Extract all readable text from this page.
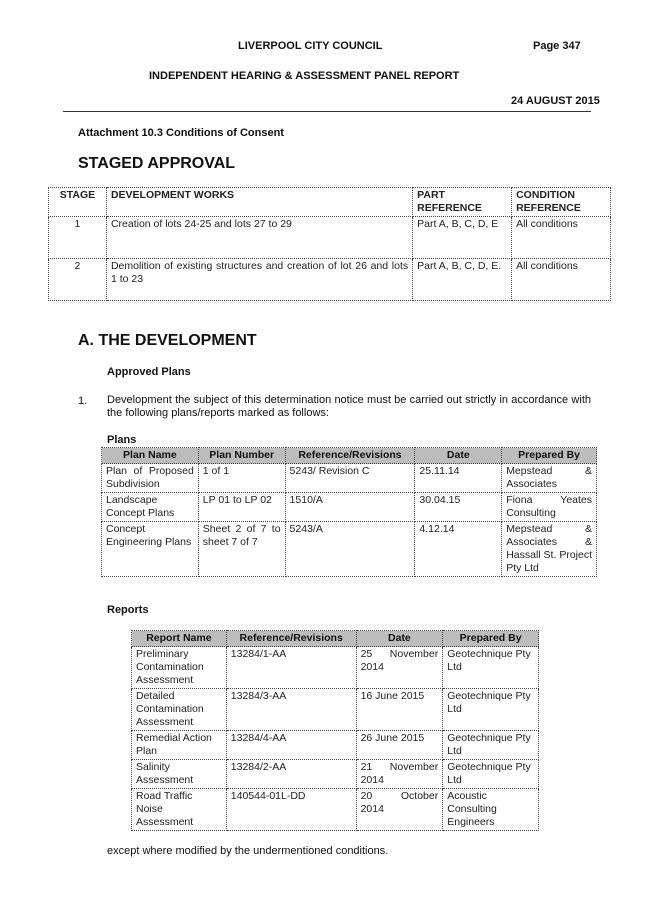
LIVERPOOL CITY COUNCIL	Page 347
INDEPENDENT HEARING & ASSESSMENT PANEL REPORT
24 AUGUST 2015
Attachment 10.3 Conditions of Consent
STAGED APPROVAL
STAGE	DEVELOPMENT WORKS	PART REFERENCE	CONDITION REFERENCE
1	Creation of lots 24-25 and lots 27 to 29	Part A, B, C, D, E	All conditions
2	Demolition of existing structures and creation of lot 26 and lots 1 to 23	Part A, B, C, D, E.	All conditions
A. THE DEVELOPMENT
Approved Plans
1. Development the subject of this determination notice must be carried out strictly in accordance with the following plans/reports marked as follows:
Plans
Plan Name	Plan Number	Reference/Revisions	Date	Prepared By
Plan of Proposed Subdivision	1 of 1	5243/ Revision C	25.11.14	Mepstead & Associates
Landscape Concept Plans	LP 01 to LP 02	1510/A	30.04.15	Fiona Yeates Consulting
Concept Engineering Plans	Sheet 2 of 7 to sheet 7 of 7	5243/A	4.12.14	Mepstead & Associates & Hassall St. Project Pty Ltd
Reports
Report Name	Reference/Revisions	Date	Prepared By
Preliminary Contamination Assessment	13284/1-AA	25 November 2014	Geotechnique Pty Ltd
Detailed Contamination Assessment	13284/3-AA	16 June 2015	Geotechnique Pty Ltd
Remedial Action Plan	13284/4-AA	26 June 2015	Geotechnique Pty Ltd
Salinity Assessment	13284/2-AA	21 November 2014	Geotechnique Pty Ltd
Road Traffic Noise Assessment	140544-01L-DD	20 October 2014	Acoustic Consulting Engineers
except where modified by the undermentioned conditions.
